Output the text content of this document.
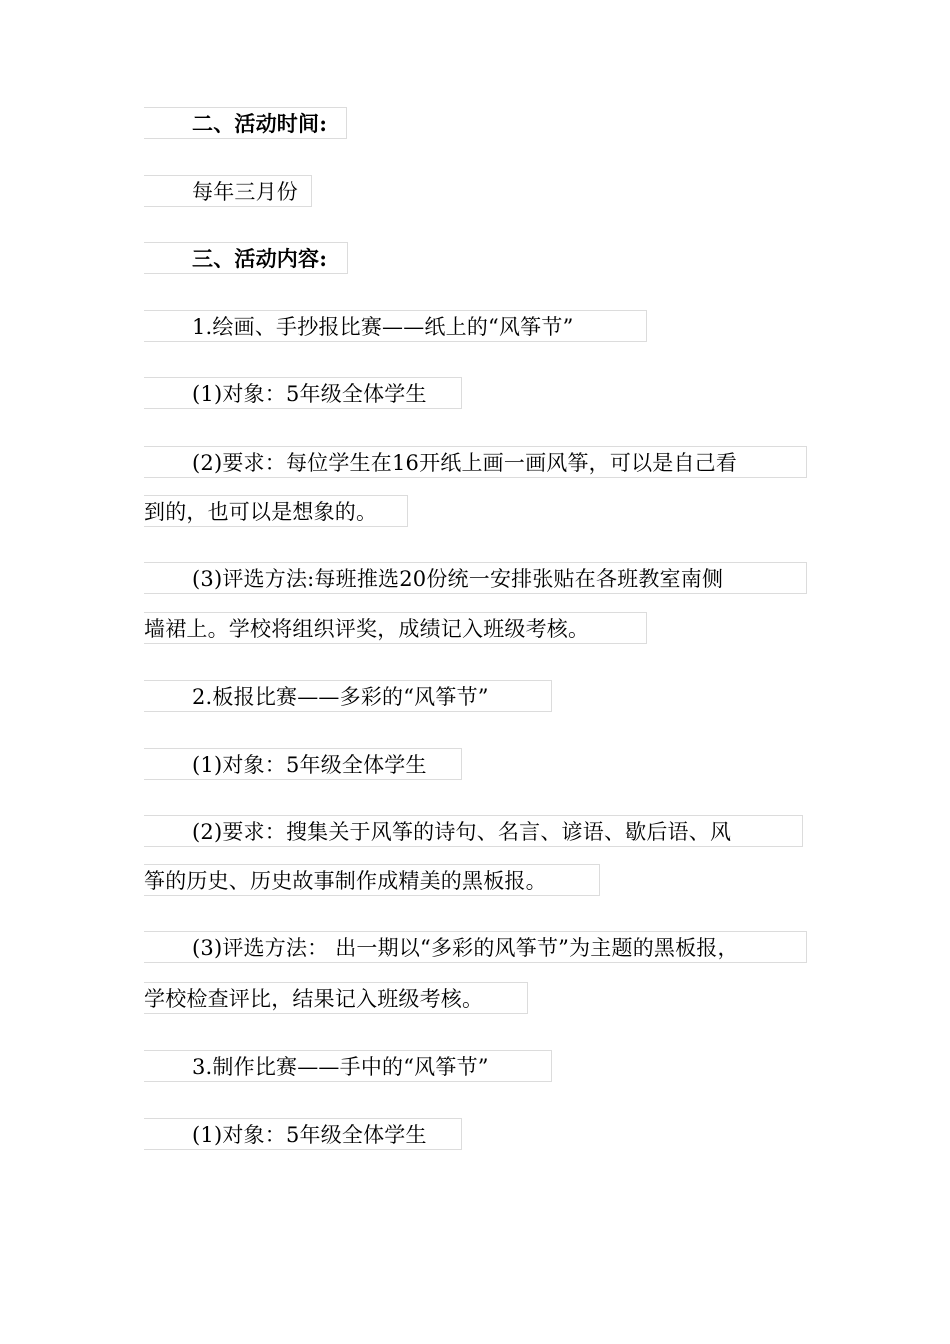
二、活动时间:
每年三月份
三、活动内容:
1.绘画、手抄报比赛——纸上的“风筝节”
(1)对象：5年级全体学生
(2)要求：每位学生在16开纸上画一画风筝，可以是自己看
到的，也可以是想象的。
(3)评选方法:每班推选20份统一安排张贴在各班教室南侧
墙裙上。学校将组织评奖，成绩记入班级考核。
2.板报比赛——多彩的“风筝节”
(1)对象：5年级全体学生
(2)要求：搜集关于风筝的诗句、名言、谚语、歇后语、风
筝的历史、历史故事制作成精美的黑板报。
(3)评选方法： 出一期以“多彩的风筝节”为主题的黑板报，
学校检查评比，结果记入班级考核。
3.制作比赛——手中的“风筝节”
(1)对象：5年级全体学生
